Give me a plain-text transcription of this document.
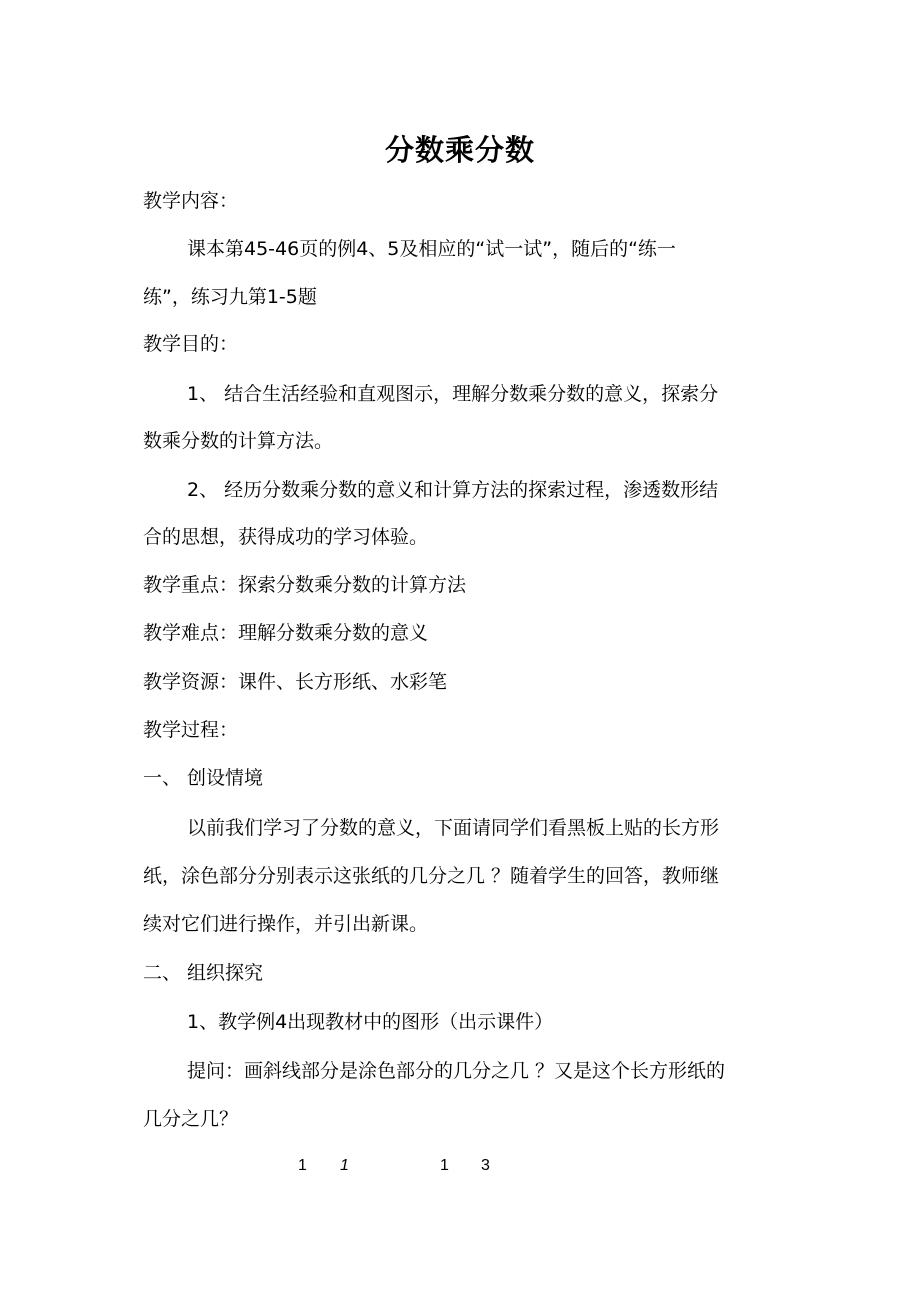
分数乘分数
教学内容：
课本第45-46页的例4、5及相应的“试一试”，随后的“练一
练”，练习九第1-5题
教学目的：
1、 结合生活经验和直观图示，理解分数乘分数的意义，探索分
数乘分数的计算方法。
2、 经历分数乘分数的意义和计算方法的探索过程，渗透数形结
合的思想，获得成功的学习体验。
教学重点：探索分数乘分数的计算方法
教学难点：理解分数乘分数的意义
教学资源：课件、长方形纸、水彩笔
教学过程：
一、 创设情境
以前我们学习了分数的意义，下面请同学们看黑板上贴的长方形
纸，涂色部分分别表示这张纸的几分之几 ？随着学生的回答，教师继
续对它们进行操作，并引出新课。
二、 组织探究
1、教学例4出现教材中的图形（出示课件）
提问：画斜线部分是涂色部分的几分之几 ？又是这个长方形纸的
几分之几？
1 1	1 3
